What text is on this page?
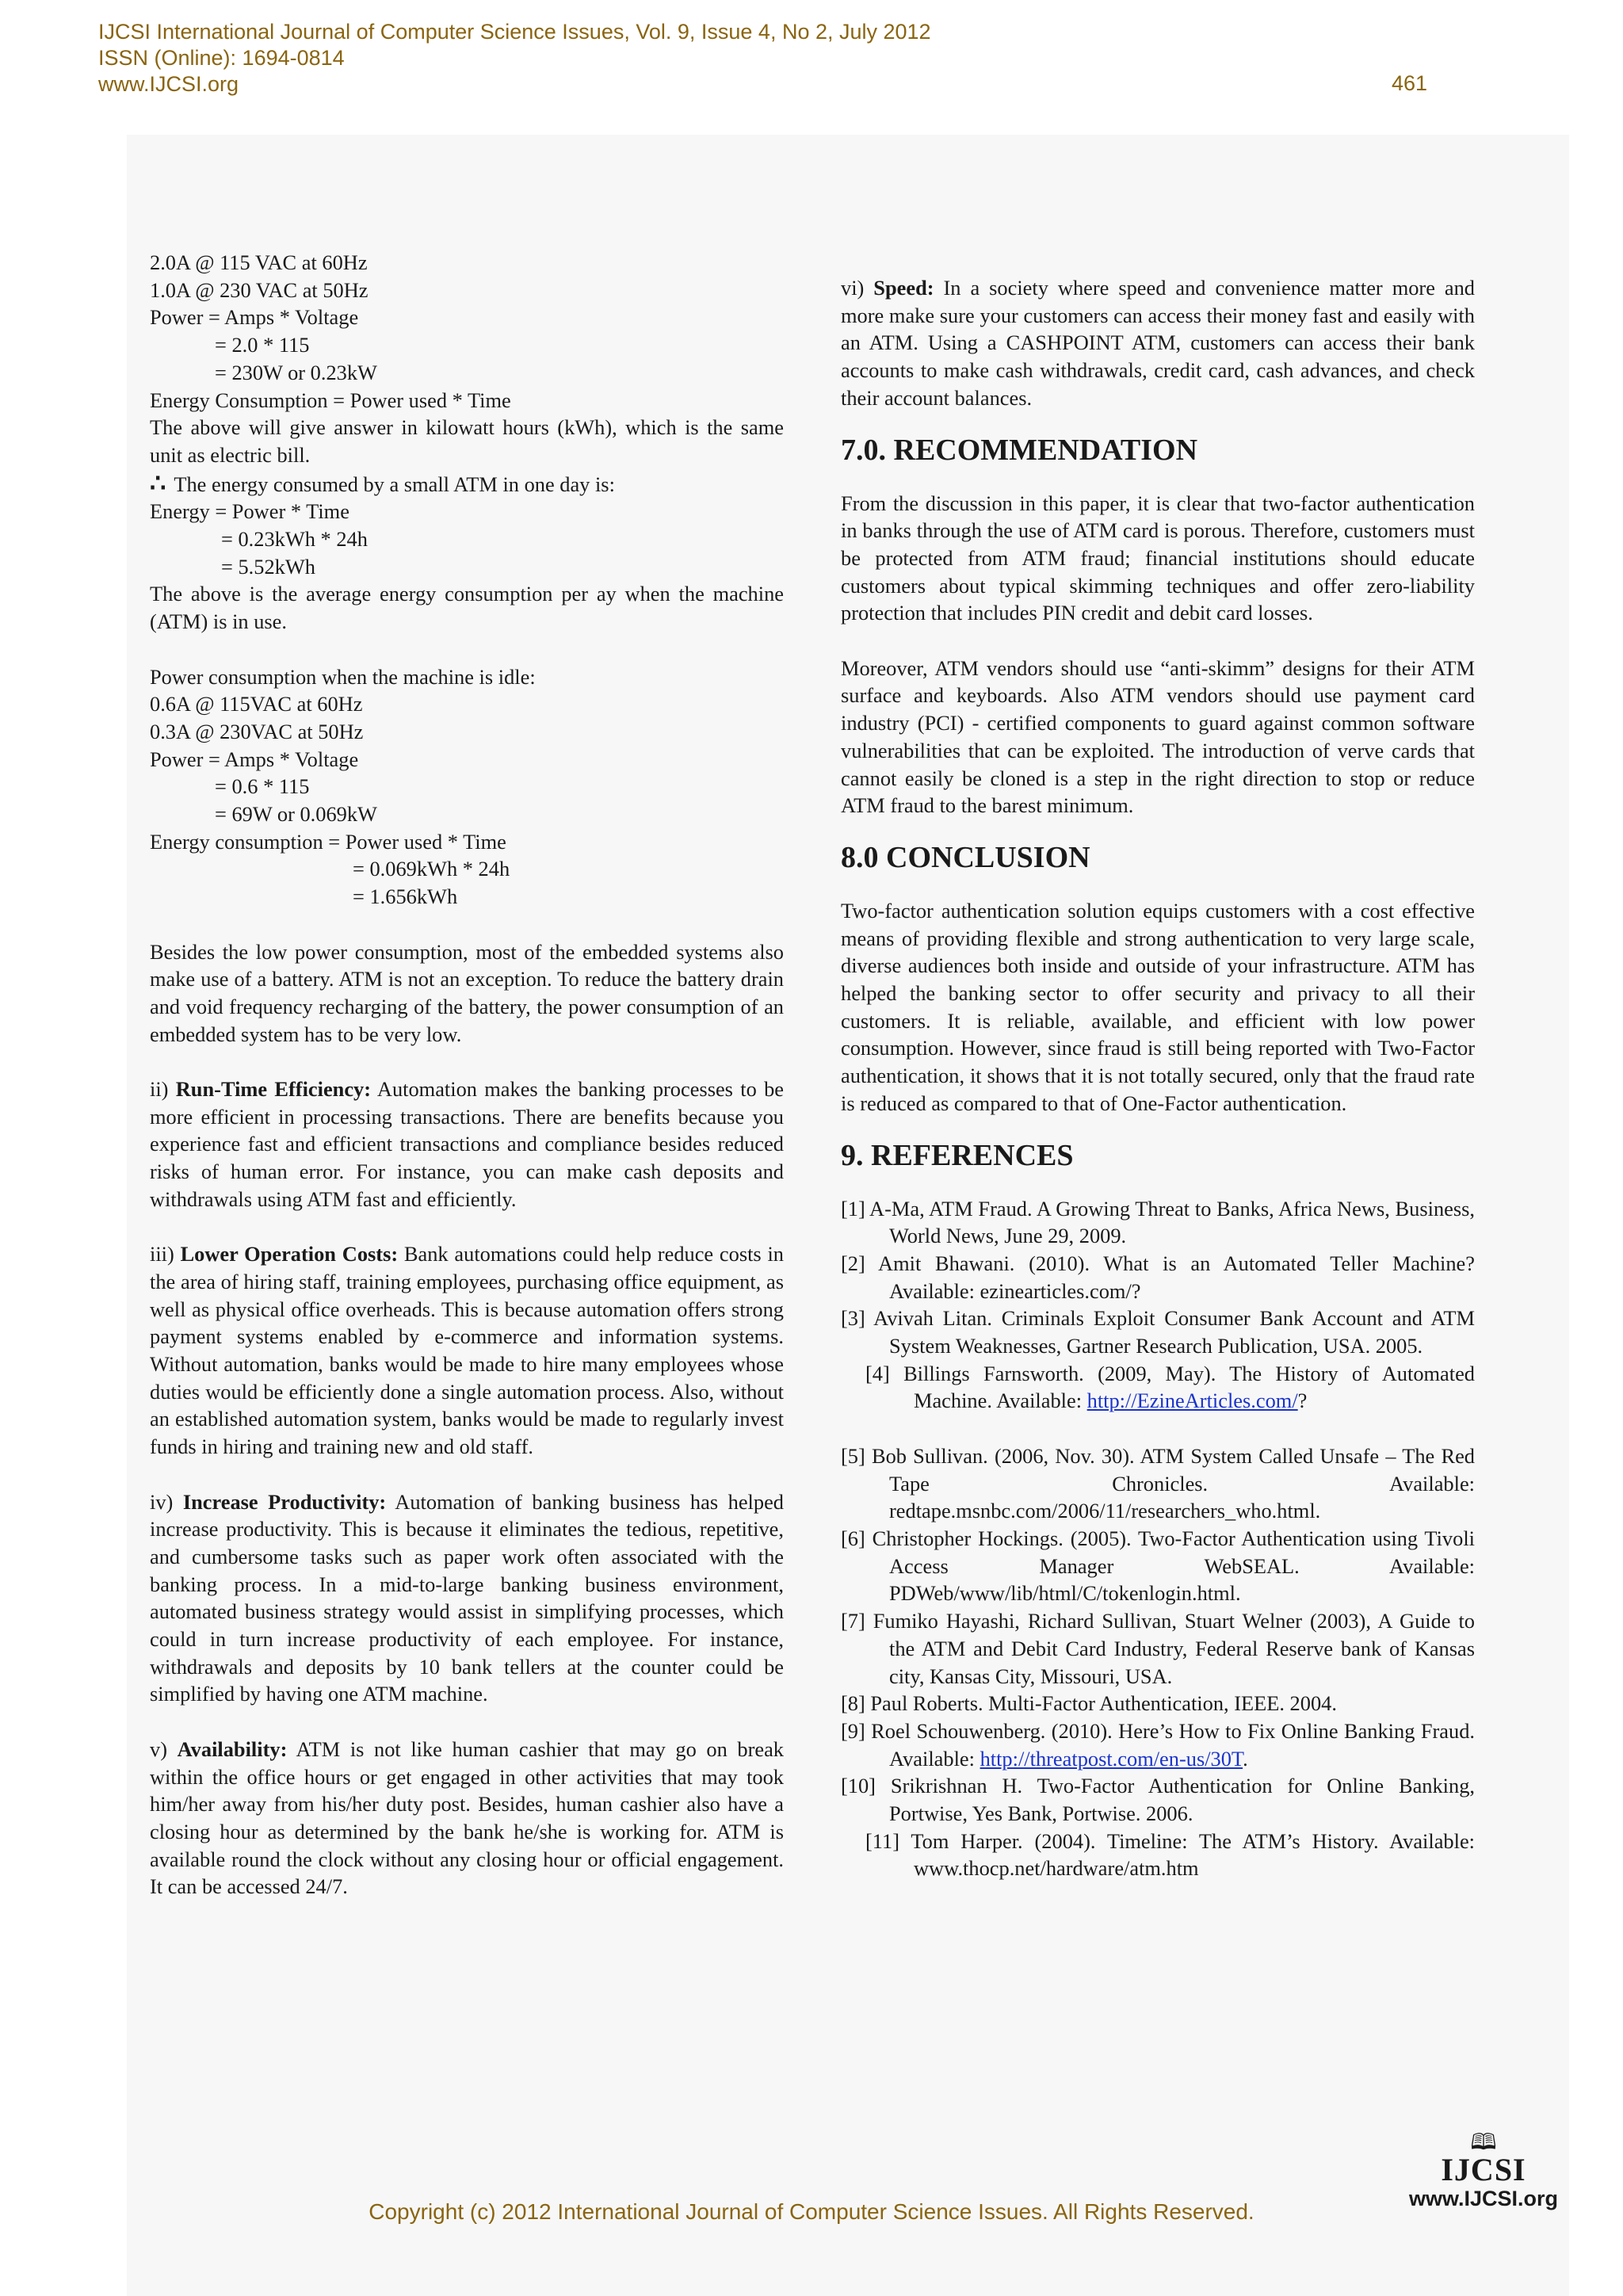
IJCSI International Journal of Computer Science Issues, Vol. 9, Issue 4, No 2, July 2012
ISSN (Online): 1694-0814
www.IJCSI.org	461
2.0A @ 115 VAC at 60Hz
1.0A @ 230 VAC at 50Hz
Power = Amps * Voltage
= 2.0 * 115
= 230W or 0.23kW
Energy Consumption = Power used * Time
The above will give answer in kilowatt hours (kWh), which is the same unit as electric bill.
∴ The energy consumed by a small ATM in one day is:
Energy = Power * Time
= 0.23kWh * 24h
= 5.52kWh
The above is the average energy consumption per ay when the machine (ATM) is in use.
Power consumption when the machine is idle:
0.6A @ 115VAC at 60Hz
0.3A @ 230VAC at 50Hz
Power = Amps * Voltage
= 0.6 * 115
= 69W or 0.069kW
Energy consumption = Power used * Time
= 0.069kWh * 24h
= 1.656kWh
Besides the low power consumption, most of the embedded systems also make use of a battery. ATM is not an exception. To reduce the battery drain and void frequency recharging of the battery, the power consumption of an embedded system has to be very low.
ii) Run-Time Efficiency: Automation makes the banking processes to be more efficient in processing transactions. There are benefits because you experience fast and efficient transactions and compliance besides reduced risks of human error. For instance, you can make cash deposits and withdrawals using ATM fast and efficiently.
iii) Lower Operation Costs: Bank automations could help reduce costs in the area of hiring staff, training employees, purchasing office equipment, as well as physical office overheads. This is because automation offers strong payment systems enabled by e-commerce and information systems. Without automation, banks would be made to hire many employees whose duties would be efficiently done a single automation process. Also, without an established automation system, banks would be made to regularly invest funds in hiring and training new and old staff.
iv) Increase Productivity: Automation of banking business has helped increase productivity. This is because it eliminates the tedious, repetitive, and cumbersome tasks such as paper work often associated with the banking process. In a mid-to-large banking business environment, automated business strategy would assist in simplifying processes, which could in turn increase productivity of each employee. For instance, withdrawals and deposits by 10 bank tellers at the counter could be simplified by having one ATM machine.
v) Availability: ATM is not like human cashier that may go on break within the office hours or get engaged in other activities that may took him/her away from his/her duty post. Besides, human cashier also have a closing hour as determined by the bank he/she is working for. ATM is available round the clock without any closing hour or official engagement. It can be accessed 24/7.
vi) Speed: In a society where speed and convenience matter more and more make sure your customers can access their money fast and easily with an ATM. Using a CASHPOINT ATM, customers can access their bank accounts to make cash withdrawals, credit card, cash advances, and check their account balances.
7.0. RECOMMENDATION
From the discussion in this paper, it is clear that two-factor authentication in banks through the use of ATM card is porous. Therefore, customers must be protected from ATM fraud; financial institutions should educate customers about typical skimming techniques and offer zero-liability protection that includes PIN credit and debit card losses.
Moreover, ATM vendors should use “anti-skimm” designs for their ATM surface and keyboards. Also ATM vendors should use payment card industry (PCI) - certified components to guard against common software vulnerabilities that can be exploited. The introduction of verve cards that cannot easily be cloned is a step in the right direction to stop or reduce ATM fraud to the barest minimum.
8.0 CONCLUSION
Two-factor authentication solution equips customers with a cost effective means of providing flexible and strong authentication to very large scale, diverse audiences both inside and outside of your infrastructure. ATM has helped the banking sector to offer security and privacy to all their customers. It is reliable, available, and efficient with low power consumption. However, since fraud is still being reported with Two-Factor authentication, it shows that it is not totally secured, only that the fraud rate is reduced as compared to that of One-Factor authentication.
9. REFERENCES
[1] A-Ma, ATM Fraud. A Growing Threat to Banks, Africa News, Business, World News, June 29, 2009.
[2] Amit Bhawani. (2010). What is an Automated Teller Machine? Available: ezinearticles.com/?
[3] Avivah Litan. Criminals Exploit Consumer Bank Account and ATM System Weaknesses, Gartner Research Publication, USA. 2005.
[4] Billings Farnsworth. (2009, May). The History of Automated Machine. Available: http://EzineArticles.com/?
[5] Bob Sullivan. (2006, Nov. 30). ATM System Called Unsafe – The Red Tape Chronicles. Available: redtape.msnbc.com/2006/11/researchers_who.html.
[6] Christopher Hockings. (2005). Two-Factor Authentication using Tivoli Access Manager WebSEAL. Available: PDWeb/www/lib/html/C/tokenlogin.html.
[7] Fumiko Hayashi, Richard Sullivan, Stuart Welner (2003), A Guide to the ATM and Debit Card Industry, Federal Reserve bank of Kansas city, Kansas City, Missouri, USA.
[8] Paul Roberts. Multi-Factor Authentication, IEEE. 2004.
[9] Roel Schouwenberg. (2010). Here’s How to Fix Online Banking Fraud. Available: http://threatpost.com/en-us/30T.
[10] Srikrishnan H. Two-Factor Authentication for Online Banking, Portwise, Yes Bank, Portwise. 2006.
[11] Tom Harper. (2004). Timeline: The ATM’s History. Available: www.thocp.net/hardware/atm.htm
🕮
IJCSI
www.IJCSI.org
Copyright (c) 2012 International Journal of Computer Science Issues. All Rights Reserved.
